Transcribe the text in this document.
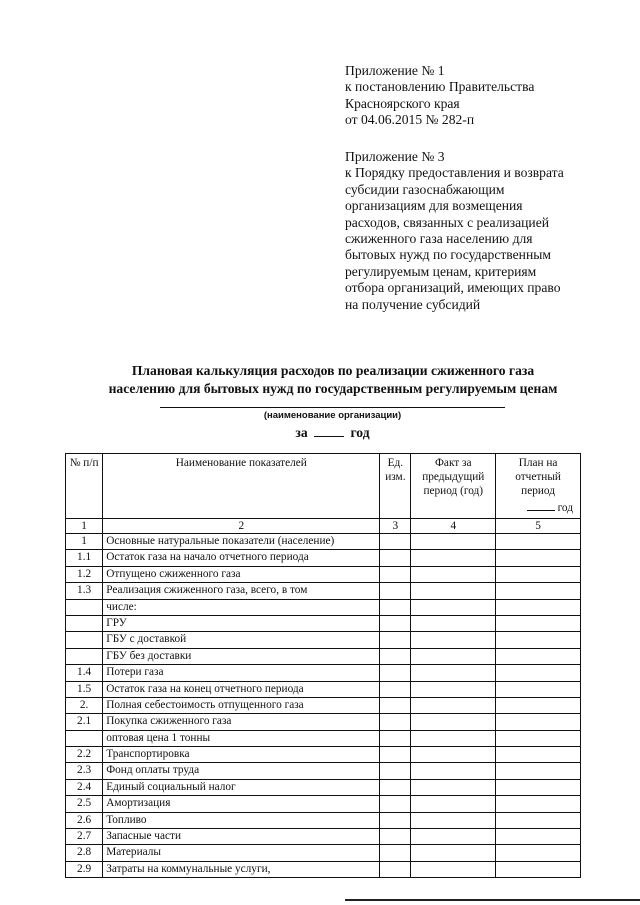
Приложение № 1
к постановлению Правительства
Красноярского края
от 04.06.2015 № 282-п
Приложение № 3
к Порядку предоставления и возврата
субсидии газоснабжающим
организациям для возмещения
расходов, связанных с реализацией
сжиженного газа населению для
бытовых нужд по государственным
регулируемым ценам, критериям
отбора организаций, имеющих право
на получение субсидий
Плановая калькуляция расходов по реализации сжиженного газа
населению для бытовых нужд по государственным регулируемым ценам
(наименование организации)
за	год
№ п/п	Наименование показателей	Ед. изм.	Факт за предыдущий период (год)	План на отчетный период
год

1	2	3	4	5
1	Основные натуральные показатели (население)			
1.1	Остаток газа на начало отчетного периода			
1.2	Отпущено сжиженного газа			
1.3	Реализация сжиженного газа, всего, в том			
	числе:			
	ГРУ			
	ГБУ с доставкой			
	ГБУ без доставки			
1.4	Потери газа			
1.5	Остаток газа на конец отчетного периода			
2.	Полная себестоимость отпущенного газа			
2.1	Покупка сжиженного газа			
	оптовая цена 1 тонны			
2.2	Транспортировка			
2.3	Фонд оплаты труда			
2.4	Единый социальный налог			
2.5	Амортизация			
2.6	Топливо			
2.7	Запасные части			
2.8	Материалы			
2.9	Затраты на коммунальные услуги,			
